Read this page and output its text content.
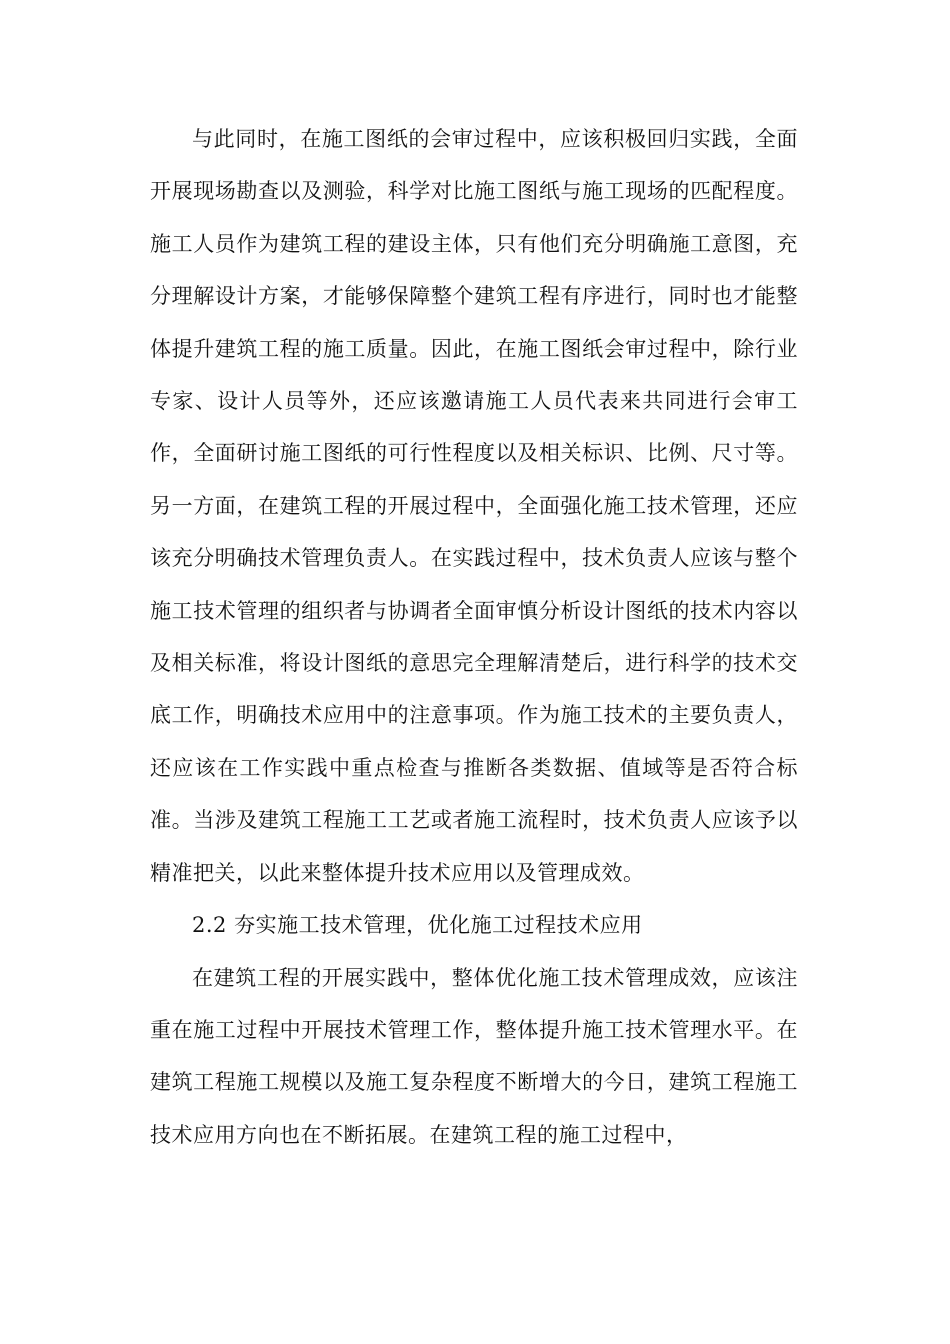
与此同时，在施工图纸的会审过程中，应该积极回归实践，全面开展现场勘查以及测验，科学对比施工图纸与施工现场的匹配程度。施工人员作为建筑工程的建设主体，只有他们充分明确施工意图，充分理解设计方案，才能够保障整个建筑工程有序进行，同时也才能整体提升建筑工程的施工质量。因此，在施工图纸会审过程中，除行业专家、设计人员等外，还应该邀请施工人员代表来共同进行会审工作，全面研讨施工图纸的可行性程度以及相关标识、比例、尺寸等。另一方面，在建筑工程的开展过程中，全面强化施工技术管理，还应该充分明确技术管理负责人。在实践过程中，技术负责人应该与整个施工技术管理的组织者与协调者全面审慎分析设计图纸的技术内容以及相关标准，将设计图纸的意思完全理解清楚后，进行科学的技术交底工作，明确技术应用中的注意事项。作为施工技术的主要负责人，还应该在工作实践中重点检查与推断各类数据、值域等是否符合标准。当涉及建筑工程施工工艺或者施工流程时，技术负责人应该予以精准把关，以此来整体提升技术应用以及管理成效。

2.2 夯实施工技术管理，优化施工过程技术应用

在建筑工程的开展实践中，整体优化施工技术管理成效，应该注重在施工过程中开展技术管理工作，整体提升施工技术管理水平。在建筑工程施工规模以及施工复杂程度不断增大的今日，建筑工程施工技术应用方向也在不断拓展。在建筑工程的施工过程中，
